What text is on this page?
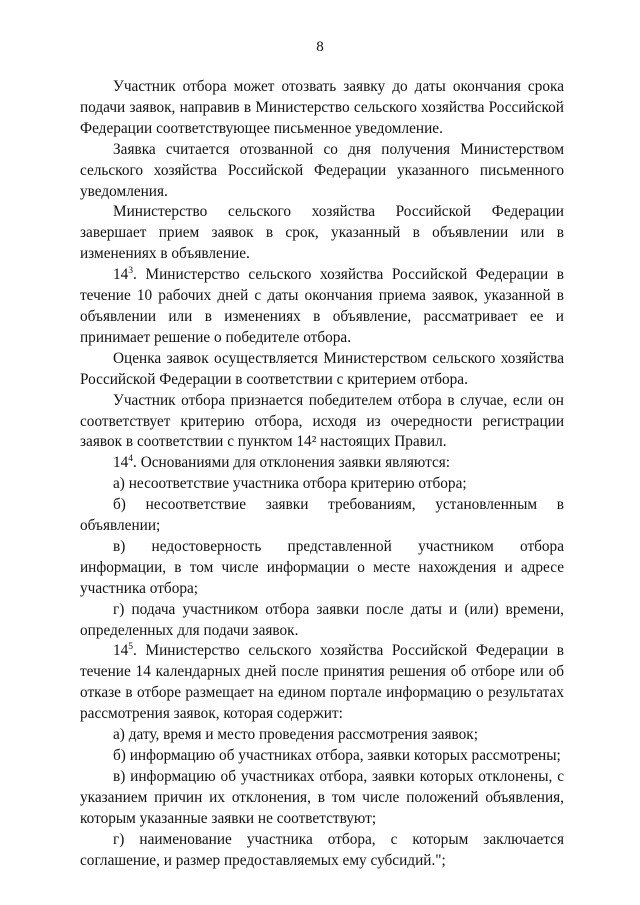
8

Участник отбора может отозвать заявку до даты окончания срока подачи заявок, направив в Министерство сельского хозяйства Российской Федерации соответствующее письменное уведомление.

Заявка считается отозванной со дня получения Министерством сельского хозяйства Российской Федерации указанного письменного уведомления.

Министерство сельского хозяйства Российской Федерации завершает прием заявок в срок, указанный в объявлении или в изменениях в объявление.

$14^3$. Министерство сельского хозяйства Российской Федерации в течение 10 рабочих дней с даты окончания приема заявок, указанной в объявлении или в изменениях в объявление, рассматривает ее и принимает решение о победителе отбора.

Оценка заявок осуществляется Министерством сельского хозяйства Российской Федерации в соответствии с критерием отбора.

Участник отбора признается победителем отбора в случае, если он соответствует критерию отбора, исходя из очередности регистрации заявок в соответствии с пунктом 14² настоящих Правил.

$14^4$. Основаниями для отклонения заявки являются:

а) несоответствие участника отбора критерию отбора;

б) несоответствие заявки требованиям, установленным в объявлении;

в) недостоверность представленной участником отбора информации, в том числе информации о месте нахождения и адресе участника отбора;

г) подача участником отбора заявки после даты и (или) времени, определенных для подачи заявок.

$14^5$. Министерство сельского хозяйства Российской Федерации в течение 14 календарных дней после принятия решения об отборе или об отказе в отборе размещает на едином портале информацию о результатах рассмотрения заявок, которая содержит:

а) дату, время и место проведения рассмотрения заявок;

б) информацию об участниках отбора, заявки которых рассмотрены;

в) информацию об участниках отбора, заявки которых отклонены, с указанием причин их отклонения, в том числе положений объявления, которым указанные заявки не соответствуют;

г) наименование участника отбора, с которым заключается соглашение, и размер предоставляемых ему субсидий.";
